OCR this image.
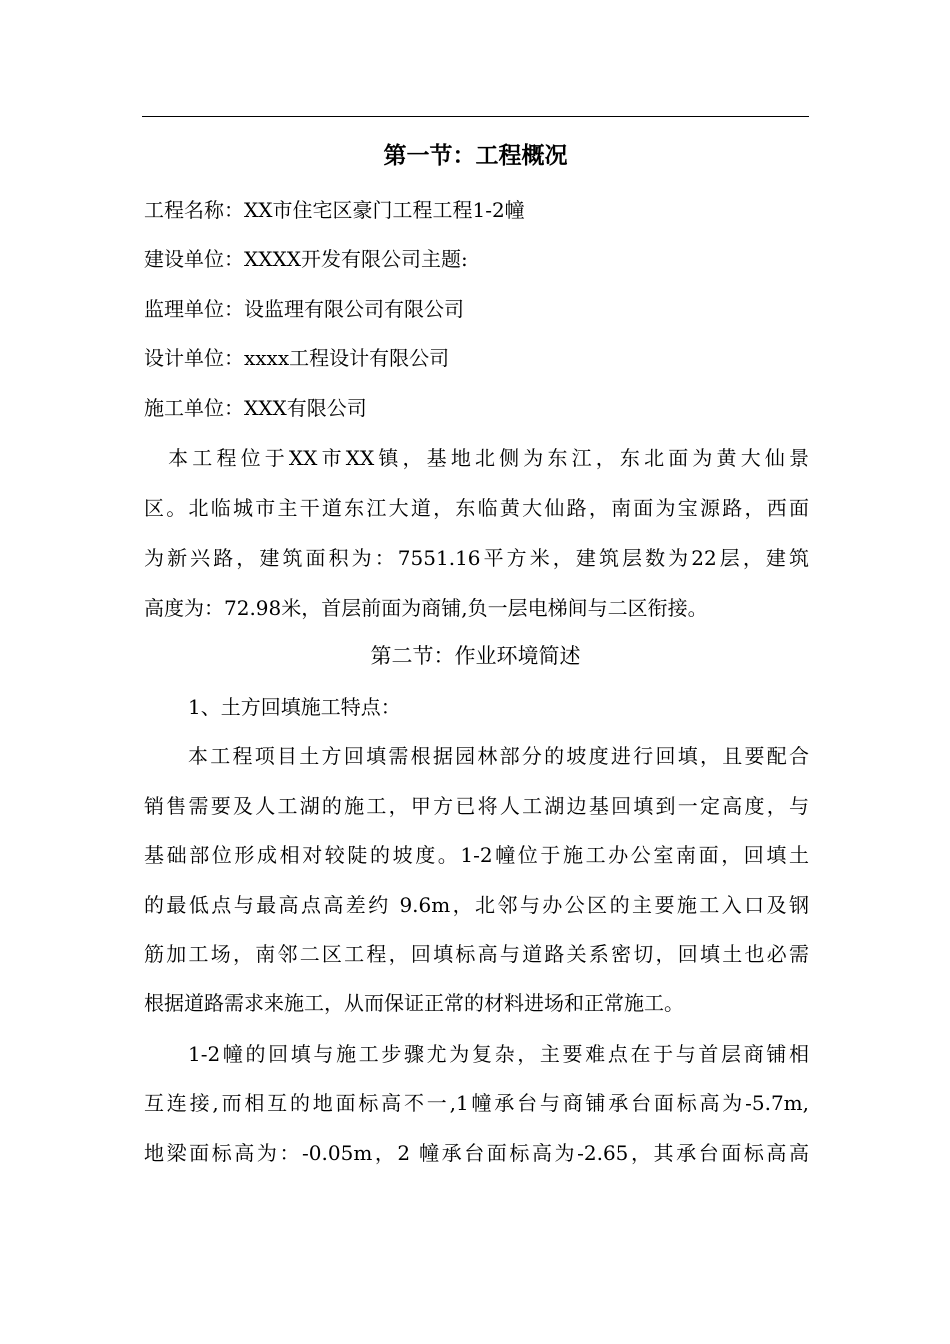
第一节：工程概况
工程名称：XX市住宅区豪门工程工程1-2幢
建设单位：XXXX开发有限公司主题:
监理单位：设监理有限公司有限公司
设计单位：xxxx工程设计有限公司
施工单位：XXX有限公司
　本工程位于XX市XX镇，基地北侧为东江，东北面为黄大仙景
区。北临城市主干道东江大道，东临黄大仙路，南面为宝源路，西面
为新兴路，建筑面积为：7551.16平方米，建筑层数为22层，建筑
高度为：72.98米，首层前面为商铺,负一层电梯间与二区衔接。
第二节：作业环境简述
1、土方回填施工特点：
本工程项目土方回填需根据园林部分的坡度进行回填，且要配合
销售需要及人工湖的施工，甲方已将人工湖边基回填到一定高度，与
基础部位形成相对较陡的坡度。1-2幢位于施工办公室南面，回填土
的最低点与最高点高差约 9.6m，北邻与办公区的主要施工入口及钢
筋加工场，南邻二区工程，回填标高与道路关系密切，回填土也必需
根据道路需求来施工，从而保证正常的材料进场和正常施工。
1-2幢的回填与施工步骤尤为复杂，主要难点在于与首层商铺相
互连接,而相互的地面标高不一,1幢承台与商铺承台面标高为-5.7m,
地梁面标高为：-0.05m，2 幢承台面标高为-2.65，其承台面标高高
